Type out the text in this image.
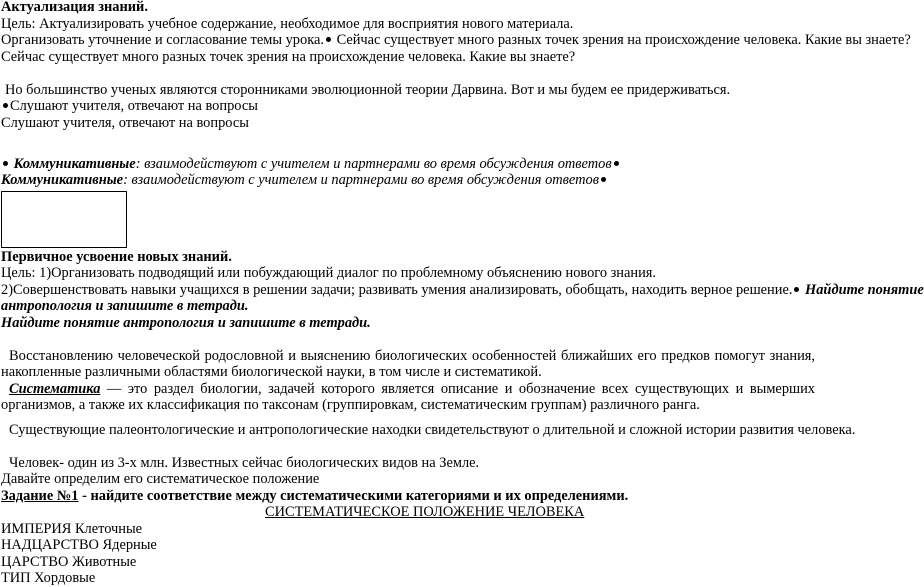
Актуализация знаний.
Цель: Актуализировать учебное содержание, необходимое для восприятия нового материала.
Организовать уточнение и согласование темы урока. Сейчас существует много разных точек зрения на происхождение человека. Какие вы знаете?
Сейчас существует много разных точек зрения на происхождение человека. Какие вы знаете?
Но большинство ученых являются сторонниками эволюционной теории Дарвина. Вот и мы будем ее придерживаться.
Слушают учителя, отвечают на вопросы
Слушают учителя, отвечают на вопросы
Коммуникативные: взаимодействуют с учителем и партнерами во время обсуждения ответов
Коммуникативные: взаимодействуют с учителем и партнерами во время обсуждения ответов
Первичное усвоение новых знаний.
Цель: 1)Организовать подводящий или побуждающий диалог по проблемному объяснению нового знания.
2)Совершенствовать навыки учащихся в решении задачи; развивать умения анализировать, обобщать, находить верное решение. Найдите понятие
антропология и запишите в тетради.
Найдите понятие антропология и запишите в тетради.
Восстановлению человеческой родословной и выяснению биологических особенностей ближайших его предков помогут знания, накопленные различными областями биологической науки, в том числе и систематикой.
Систематика — это раздел биологии, задачей которого является описание и обозначение всех существующих и вымерших организмов, а также их классификация по таксонам (группировкам, систематическим группам) различного ранга.
Существующие палеонтологические и антропологические находки свидетельствуют о длительной и сложной истории развития человека.
Человек- один из 3-х млн. Известных сейчас биологических видов на Земле.
Давайте определим его систематическое положение
Задание №1 - найдите соответствие между систематическими категориями и их определениями.
СИСТЕМАТИЧЕСКОЕ ПОЛОЖЕНИЕ ЧЕЛОВЕКА
ИМПЕРИЯ Клеточные
НАДЦАРСТВО Ядерные
ЦАРСТВО Животные
ТИП Хордовые
